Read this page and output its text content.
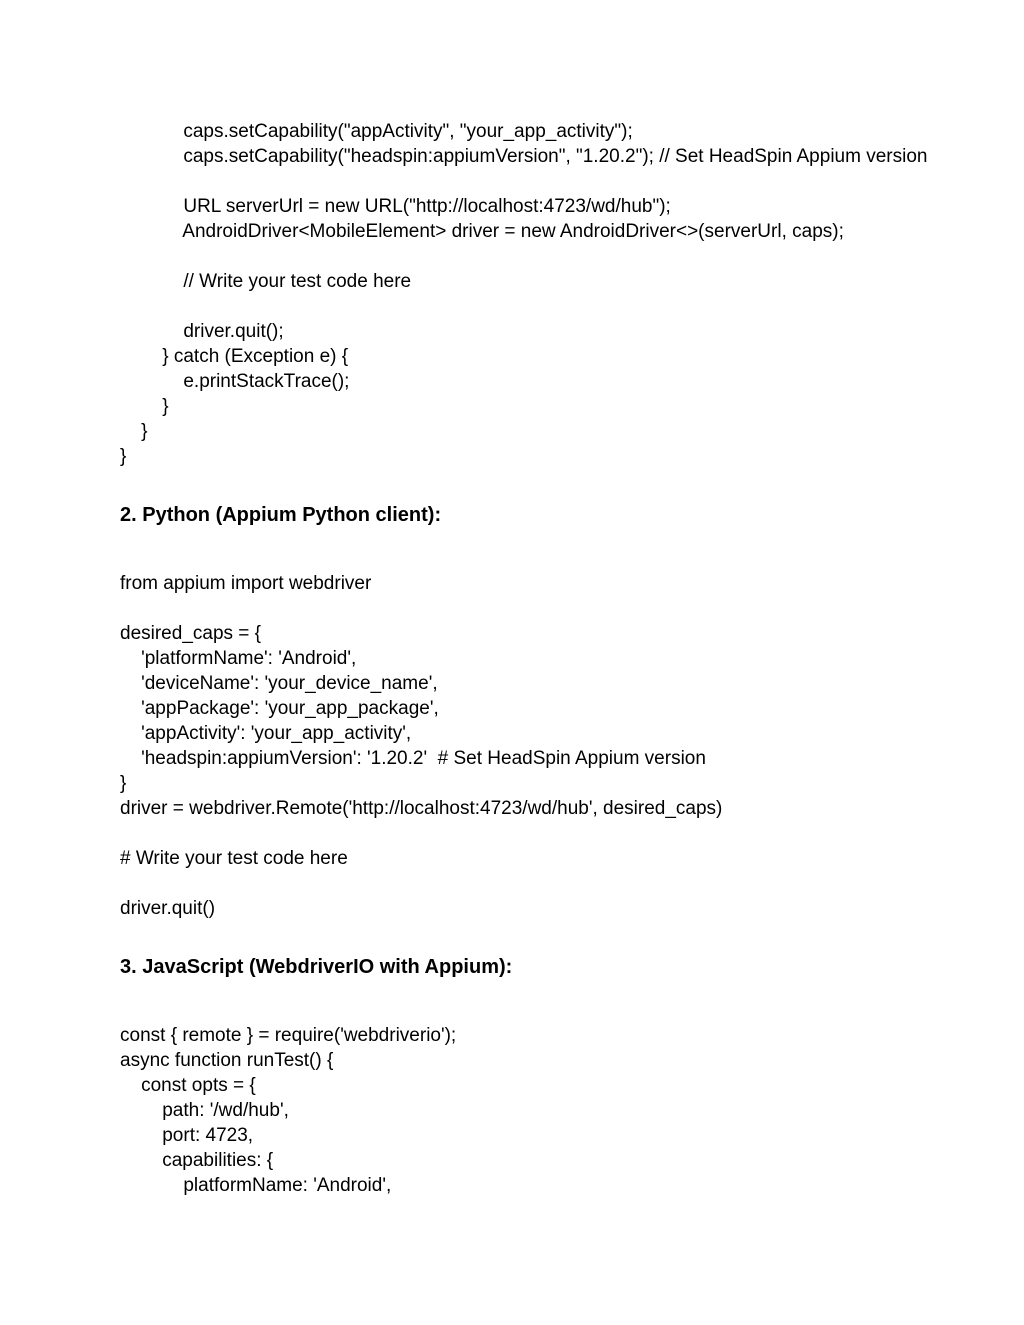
caps.setCapability("appActivity", "your_app_activity");
caps.setCapability("headspin:appiumVersion", "1.20.2"); // Set HeadSpin Appium version
URL serverUrl = new URL("http://localhost:4723/wd/hub");
AndroidDriver<MobileElement> driver = new AndroidDriver<>(serverUrl, caps);
// Write your test code here
driver.quit();
} catch (Exception e) {
e.printStackTrace();
}
}
}
2. Python (Appium Python client):
from appium import webdriver
desired_caps = {
'platformName': 'Android',
'deviceName': 'your_device_name',
'appPackage': 'your_app_package',
'appActivity': 'your_app_activity',
'headspin:appiumVersion': '1.20.2'  # Set HeadSpin Appium version
}
driver = webdriver.Remote('http://localhost:4723/wd/hub', desired_caps)
# Write your test code here
driver.quit()
3. JavaScript (WebdriverIO with Appium):
const { remote } = require('webdriverio');
async function runTest() {
const opts = {
path: '/wd/hub',
port: 4723,
capabilities: {
platformName: 'Android',
